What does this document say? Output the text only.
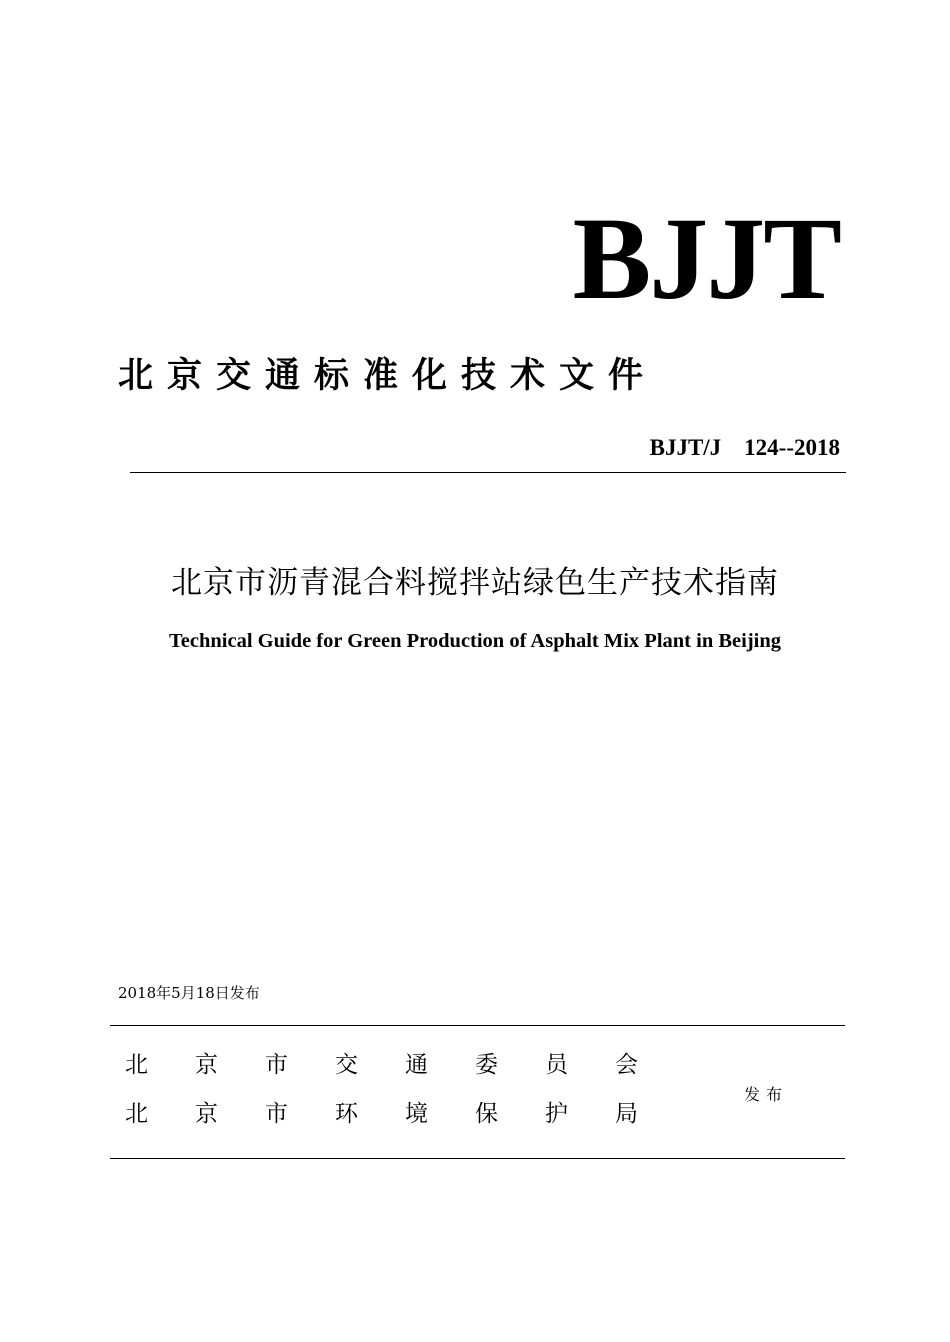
BJJT
北京交通标准化技术文件
BJJT/J    124--2018
北京市沥青混合料搅拌站绿色生产技术指南
Technical Guide for Green Production of Asphalt Mix Plant in Beijing
2018年5月18日发布
北	京	市	交	通	委	员	会
北	京	市	环	境	保	护	局
发布
